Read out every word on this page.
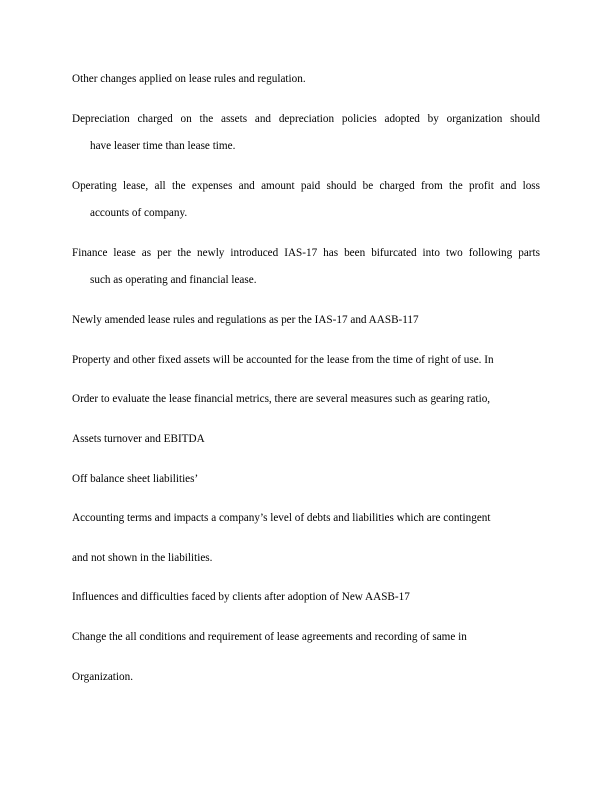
Other changes applied on lease rules and regulation.
Depreciation charged on the assets and depreciation policies adopted by organization should
have leaser time than lease time.
Operating lease, all the expenses and amount paid should be charged from the profit and loss
accounts of company.
Finance lease as per the newly introduced IAS-17 has been bifurcated into two following parts
such as operating and financial lease.
Newly amended lease rules and regulations as per the IAS-17 and AASB-117
Property and other fixed assets will be accounted for the lease from the time of right of use. In
Order to evaluate the lease financial metrics, there are several measures such as gearing ratio,
Assets turnover and EBITDA
Off balance sheet liabilities’
Accounting terms and impacts a company’s level of debts and liabilities which are contingent
and not shown in the liabilities.
Influences and difficulties faced by clients after adoption of New AASB-17
Change the all conditions and requirement of lease agreements and recording of same in
Organization.
